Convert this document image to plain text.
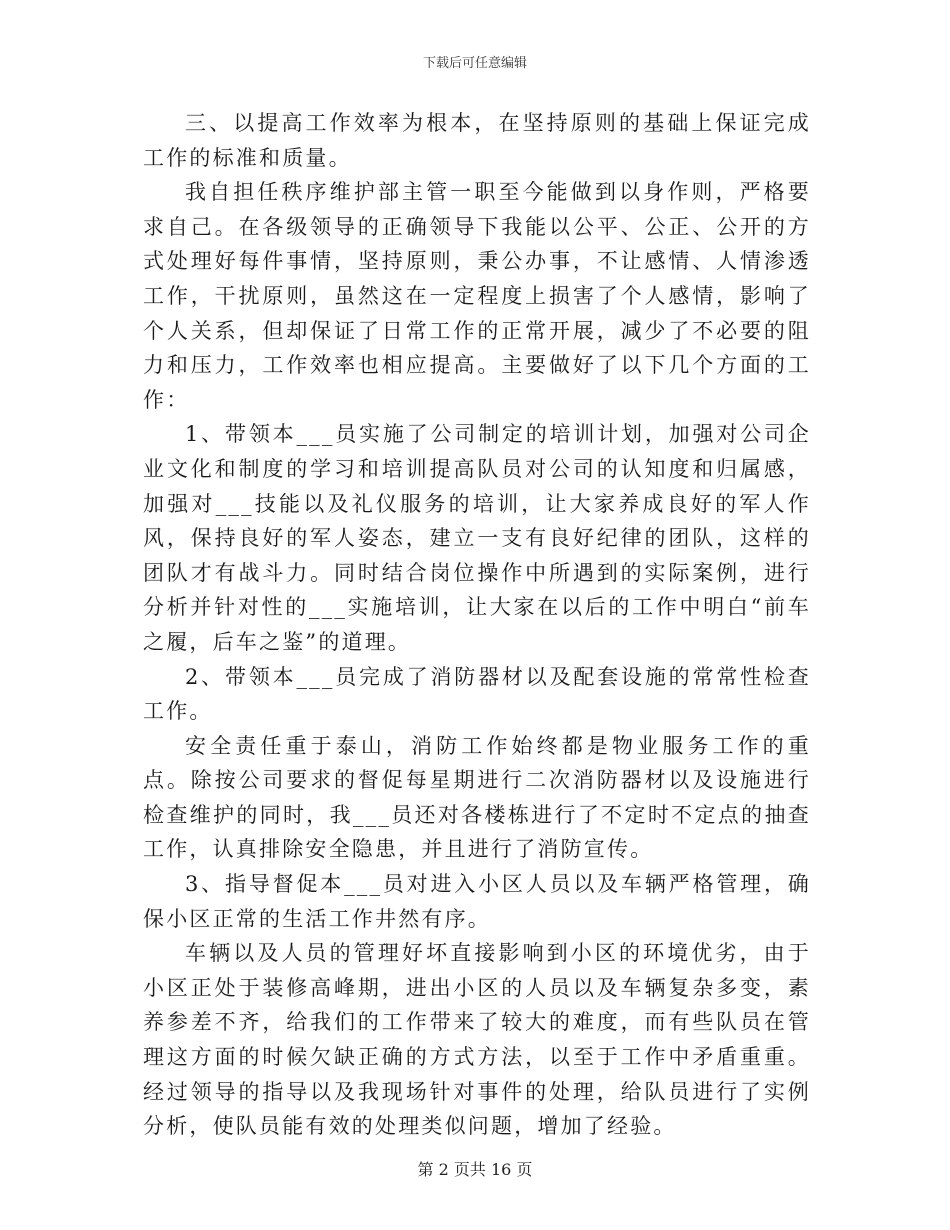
下载后可任意编辑

三、以提高工作效率为根本，在坚持原则的基础上保证完成工作的标准和质量。

我自担任秩序维护部主管一职至今能做到以身作则，严格要求自己。在各级领导的正确领导下我能以公平、公正、公开的方式处理好每件事情，坚持原则，秉公办事，不让感情、人情渗透工作，干扰原则，虽然这在一定程度上损害了个人感情，影响了个人关系，但却保证了日常工作的正常开展，减少了不必要的阻力和压力，工作效率也相应提高。主要做好了以下几个方面的工作：

1、带领本___员实施了公司制定的培训计划，加强对公司企业文化和制度的学习和培训提高队员对公司的认知度和归属感，加强对___技能以及礼仪服务的培训，让大家养成良好的军人作风，保持良好的军人姿态，建立一支有良好纪律的团队，这样的团队才有战斗力。同时结合岗位操作中所遇到的实际案例，进行分析并针对性的___实施培训，让大家在以后的工作中明白“前车之履，后车之鉴”的道理。

2、带领本___员完成了消防器材以及配套设施的常常性检查工作。

安全责任重于泰山，消防工作始终都是物业服务工作的重点。除按公司要求的督促每星期进行二次消防器材以及设施进行检查维护的同时，我___员还对各楼栋进行了不定时不定点的抽查工作，认真排除安全隐患，并且进行了消防宣传。

3、指导督促本___员对进入小区人员以及车辆严格管理，确保小区正常的生活工作井然有序。

车辆以及人员的管理好坏直接影响到小区的环境优劣，由于小区正处于装修高峰期，进出小区的人员以及车辆复杂多变，素养参差不齐，给我们的工作带来了较大的难度，而有些队员在管理这方面的时候欠缺正确的方式方法，以至于工作中矛盾重重。经过领导的指导以及我现场针对事件的处理，给队员进行了实例分析，使队员能有效的处理类似问题，增加了经验。

第 2 页共 16 页
